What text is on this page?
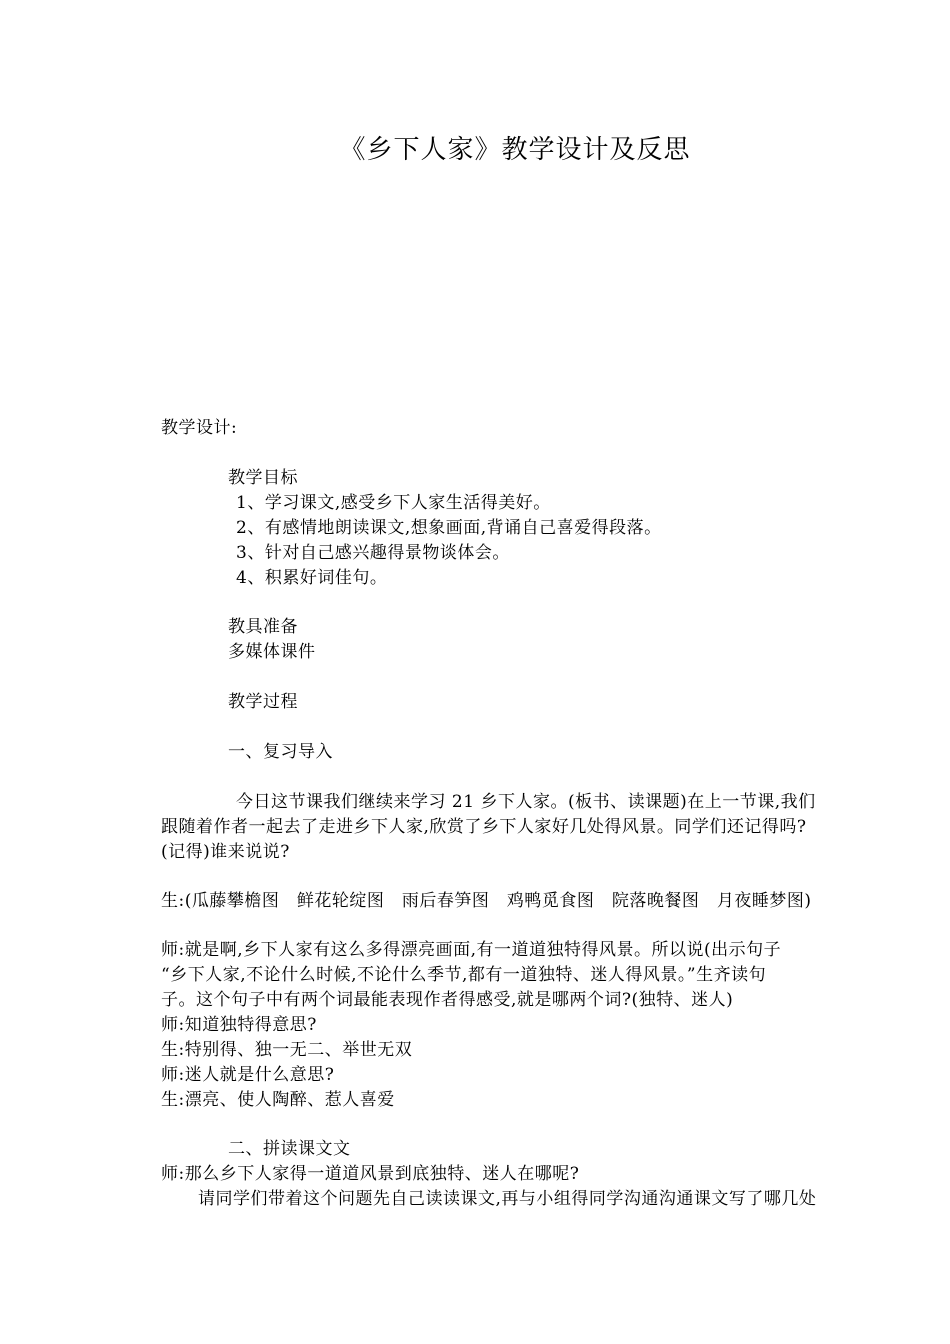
《乡下人家》教学设计及反思
教学设计:
教学目标
1、学习课文,感受乡下人家生活得美好。
2、有感情地朗读课文,想象画面,背诵自己喜爱得段落。
3、针对自己感兴趣得景物谈体会。
4、积累好词佳句。
教具准备
多媒体课件
教学过程
一、复习导入
今日这节课我们继续来学习 21 乡下人家。(板书、读课题)在上一节课,我们
跟随着作者一起去了走进乡下人家,欣赏了乡下人家好几处得风景。同学们还记得吗?
(记得)谁来说说?
生:(瓜藤攀檐图　鲜花轮绽图　雨后春笋图　鸡鸭觅食图　院落晚餐图　月夜睡梦图)
师:就是啊,乡下人家有这么多得漂亮画面,有一道道独特得风景。所以说(出示句子
“乡下人家,不论什么时候,不论什么季节,都有一道独特、迷人得风景。”生齐读句
子。这个句子中有两个词最能表现作者得感受,就是哪两个词?(独特、迷人)
师:知道独特得意思?
生:特别得、独一无二、举世无双
师:迷人就是什么意思?
生:漂亮、使人陶醉、惹人喜爱
二、拼读课文文
师:那么乡下人家得一道道风景到底独特、迷人在哪呢?
请同学们带着这个问题先自己读读课文,再与小组得同学沟通沟通课文写了哪几处
